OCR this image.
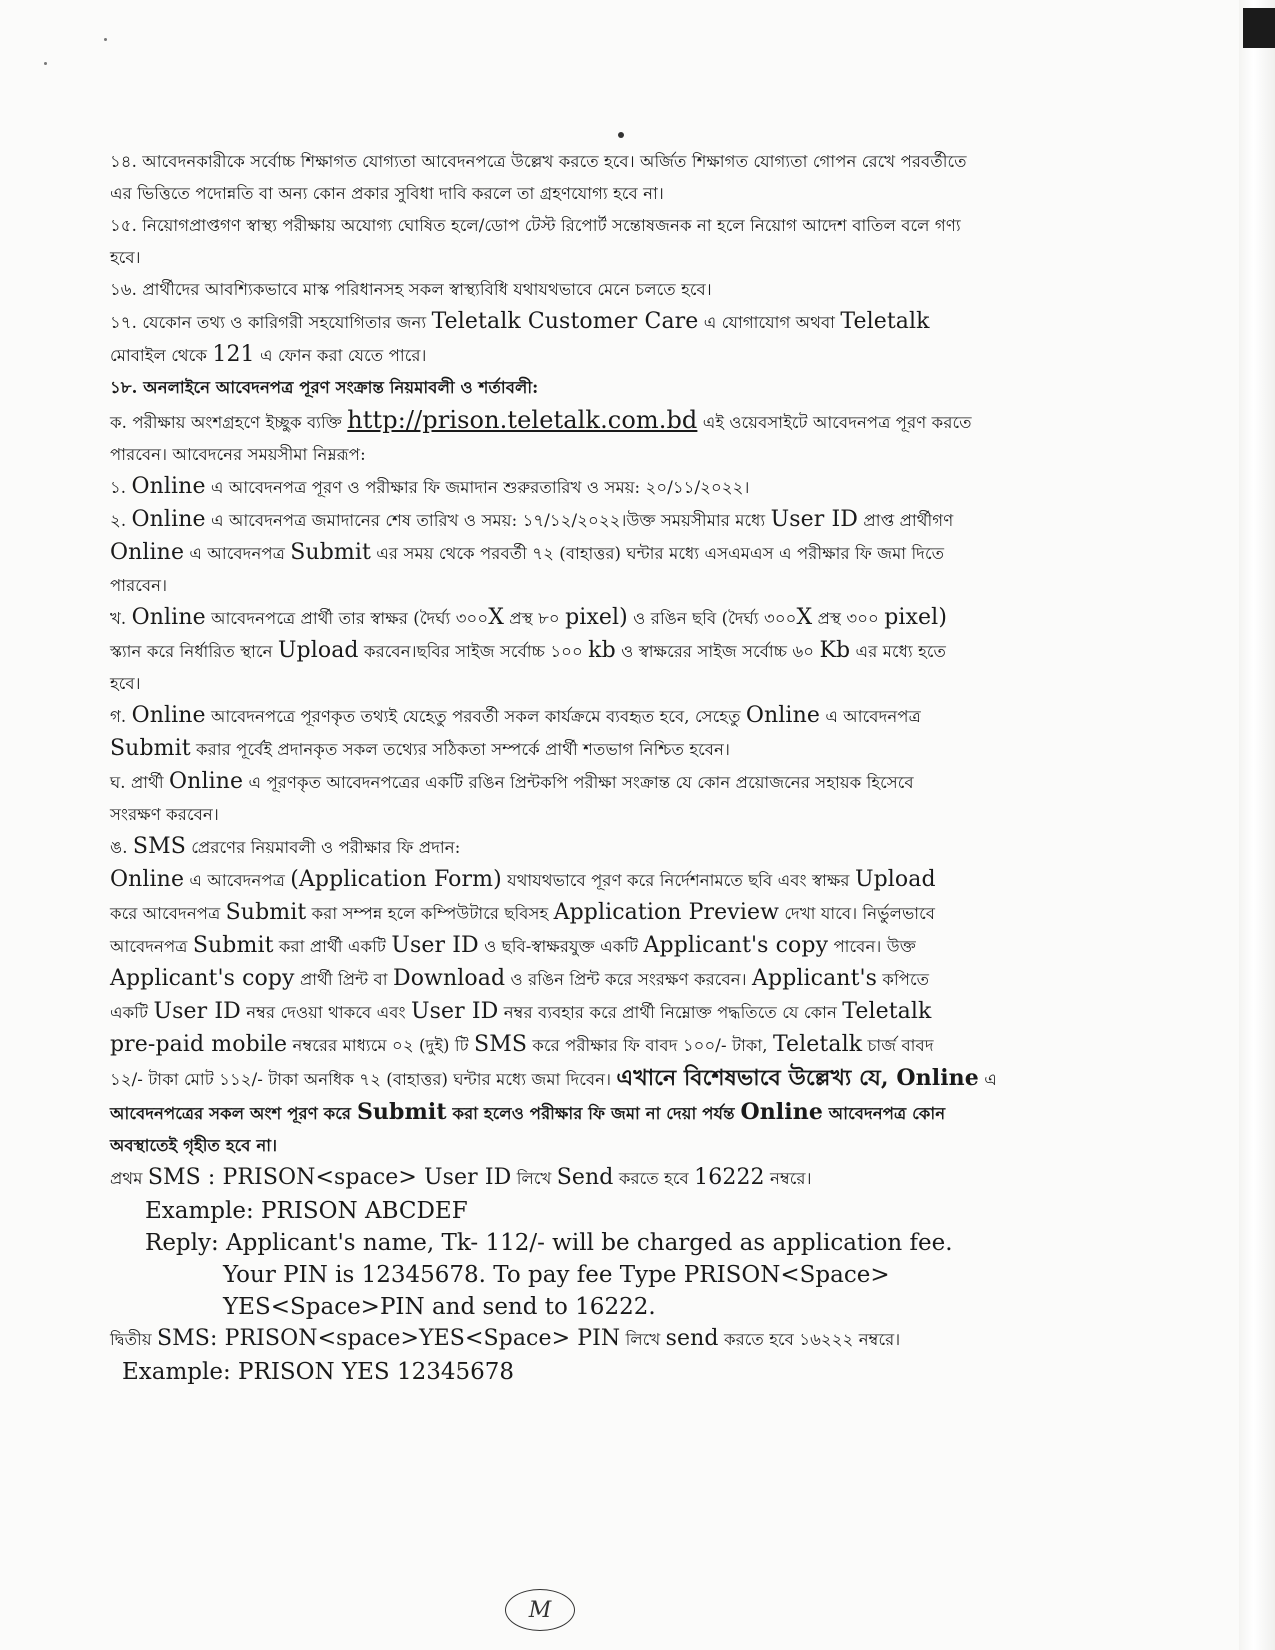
১৪. আবেদনকারীকে সর্বোচ্চ শিক্ষাগত যোগ্যতা আবেদনপত্রে উল্লেখ করতে হবে। অর্জিত শিক্ষাগত যোগ্যতা গোপন রেখে পরবর্তীতে

এর ভিত্তিতে পদোন্নতি বা অন্য কোন প্রকার সুবিধা দাবি করলে তা গ্রহণযোগ্য হবে না।

১৫. নিয়োগপ্রাপ্তগণ স্বাস্থ্য পরীক্ষায় অযোগ্য ঘোষিত হলে/ডোপ টেস্ট রিপোর্ট সন্তোষজনক না হলে নিয়োগ আদেশ বাতিল বলে গণ্য

হবে।

১৬. প্রার্থীদের আবশ্যিকভাবে মাস্ক পরিধানসহ সকল স্বাস্থ্যবিধি যথাযথভাবে মেনে চলতে হবে।

১৭. যেকোন তথ্য ও কারিগরী সহযোগিতার জন্য Teletalk Customer Care এ যোগাযোগ অথবা Teletalk

মোবাইল থেকে 121 এ ফোন করা যেতে পারে।

১৮. অনলাইনে আবেদনপত্র পূরণ সংক্রান্ত নিয়মাবলী ও শর্তাবলী:

ক. পরীক্ষায় অংশগ্রহণে ইচ্ছুক ব্যক্তি http://prison.teletalk.com.bd এই ওয়েবসাইটে আবেদনপত্র পূরণ করতে

পারবেন। আবেদনের সময়সীমা নিম্নরূপ:

১. Online এ আবেদনপত্র পূরণ ও পরীক্ষার ফি জমাদান শুরুরতারিখ ও সময়: ২০/১১/২০২২।

২. Online এ আবেদনপত্র জমাদানের শেষ তারিখ ও সময়: ১৭/১২/২০২২।উক্ত সময়সীমার মধ্যে User ID প্রাপ্ত প্রার্থীগণ

Online এ আবেদনপত্র Submit এর সময় থেকে পরবর্তী ৭২ (বাহাত্তর) ঘন্টার মধ্যে এসএমএস এ পরীক্ষার ফি জমা দিতে

পারবেন।

খ. Online আবেদনপত্রে প্রার্থী তার স্বাক্ষর (দৈর্ঘ্য ৩০০X প্রস্থ ৮০ pixel) ও রঙিন ছবি (দৈর্ঘ্য ৩০০X প্রস্থ ৩০০ pixel)

স্ক্যান করে নির্ধারিত স্থানে Upload করবেন।ছবির সাইজ সর্বোচ্চ ১০০ kb ও স্বাক্ষরের সাইজ সর্বোচ্চ ৬০ Kb এর মধ্যে হতে

হবে।

গ. Online আবেদনপত্রে পূরণকৃত তথ্যই যেহেতু পরবর্তী সকল কার্যক্রমে ব্যবহৃত হবে, সেহেতু Online এ আবেদনপত্র

Submit করার পূর্বেই প্রদানকৃত সকল তথ্যের সঠিকতা সম্পর্কে প্রার্থী শতভাগ নিশ্চিত হবেন।

ঘ. প্রার্থী Online এ পূরণকৃত আবেদনপত্রের একটি রঙিন প্রিন্টকপি পরীক্ষা সংক্রান্ত যে কোন প্রয়োজনের সহায়ক হিসেবে

সংরক্ষণ করবেন।

ঙ. SMS প্রেরণের নিয়মাবলী ও পরীক্ষার ফি প্রদান:

Online এ আবেদনপত্র (Application Form) যথাযথভাবে পূরণ করে নির্দেশনামতে ছবি এবং স্বাক্ষর Upload

করে আবেদনপত্র Submit করা সম্পন্ন হলে কম্পিউটারে ছবিসহ Application Preview দেখা যাবে। নির্ভুলভাবে

আবেদনপত্র Submit করা প্রার্থী একটি User ID ও ছবি-স্বাক্ষরযুক্ত একটি Applicant's copy পাবেন। উক্ত

Applicant's copy প্রার্থী প্রিন্ট বা Download ও রঙিন প্রিন্ট করে সংরক্ষণ করবেন। Applicant's কপিতে

একটি User ID নম্বর দেওয়া থাকবে এবং User ID নম্বর ব্যবহার করে প্রার্থী নিম্নোক্ত পদ্ধতিতে যে কোন Teletalk

pre-paid mobile নম্বরের মাধ্যমে ০২ (দুই) টি SMS করে পরীক্ষার ফি বাবদ ১০০/- টাকা, Teletalk চার্জ বাবদ

১২/- টাকা মোট ১১২/- টাকা অনধিক ৭২ (বাহাত্তর) ঘন্টার মধ্যে জমা দিবেন। এখানে বিশেষভাবে উল্লেখ্য যে, Online এ

আবেদনপত্রের সকল অংশ পূরণ করে Submit করা হলেও পরীক্ষার ফি জমা না দেয়া পর্যন্ত Online আবেদনপত্র কোন

অবস্থাতেই গৃহীত হবে না।

প্রথম SMS : PRISON<space> User ID লিখে Send করতে হবে 16222 নম্বরে।

Example: PRISON ABCDEF

Reply: Applicant's name, Tk- 112/- will be charged as application fee.

Your PIN is 12345678. To pay fee Type PRISON<Space>

YES<Space>PIN and send to 16222.

দ্বিতীয় SMS: PRISON<space>YES<Space> PIN লিখে send করতে হবে ১৬২২২ নম্বরে।

Example: PRISON YES 12345678

M
